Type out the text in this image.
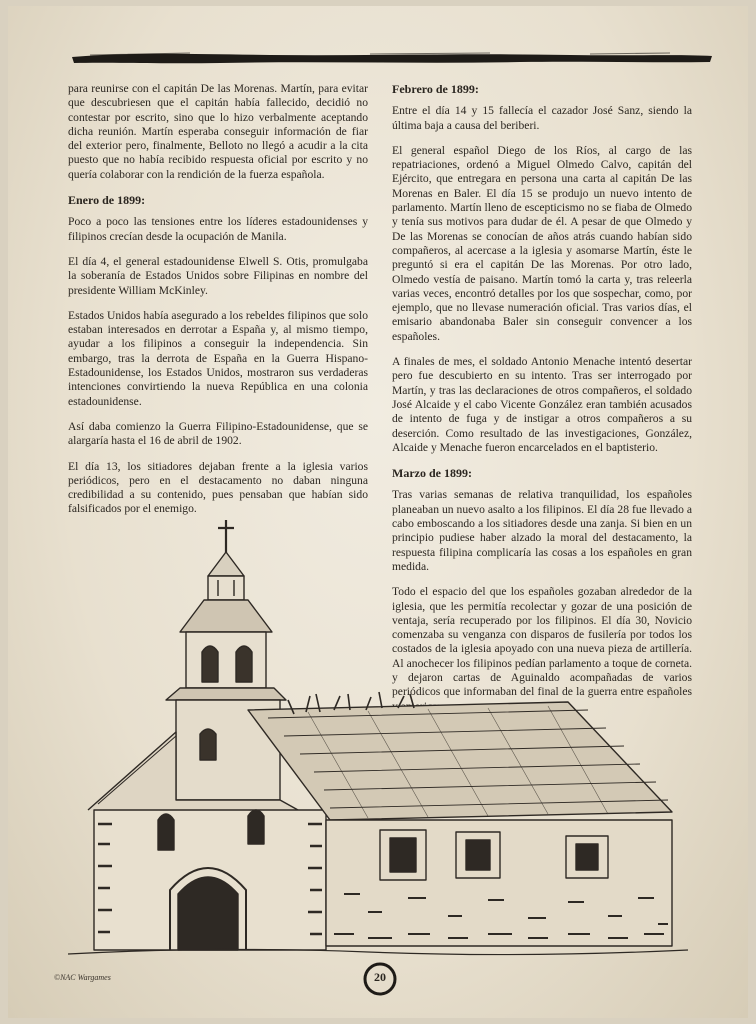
para reunirse con el capitán De las Morenas. Martín, para evitar que descubriesen que el capitán había fallecido, decidió no contestar por escrito, sino que lo hizo verbalmente aceptando dicha reunión. Martín esperaba conseguir información de fiar del exterior pero, finalmente, Belloto no llegó a acudir a la cita puesto que no había recibido respuesta oficial por escrito y no quería colaborar con la rendición de la fuerza española.

Enero de 1899:

Poco a poco las tensiones entre los líderes estadounidenses y filipinos crecían desde la ocupación de Manila.

El día 4, el general estadounidense Elwell S. Otis, promulgaba la soberanía de Estados Unidos sobre Filipinas en nombre del presidente William McKinley.

Estados Unidos había asegurado a los rebeldes filipinos que solo estaban interesados en derrotar a España y, al mismo tiempo, ayudar a los filipinos a conseguir la independencia. Sin embargo, tras la derrota de España en la Guerra Hispano-Estadounidense, los Estados Unidos, mostraron sus verdaderas intenciones convirtiendo la nueva República en una colonia estadounidense.

Así daba comienzo la Guerra Filipino-Estadounidense, que se alargaría hasta el 16 de abril de 1902.

El día 13, los sitiadores dejaban frente a la iglesia varios periódicos, pero en el destacamento no daban ninguna credibilidad a su contenido, pues pensaban que habían sido falsificados por el enemigo.

Febrero de 1899:

Entre el día 14 y 15 fallecía el cazador José Sanz, siendo la última baja a causa del beriberi.

El general español Diego de los Ríos, al cargo de las repatriaciones, ordenó a Miguel Olmedo Calvo, capitán del Ejército, que entregara en persona una carta al capitán De las Morenas en Baler. El día 15 se produjo un nuevo intento de parlamento. Martín lleno de escepticismo no se fiaba de Olmedo y tenía sus motivos para dudar de él. A pesar de que Olmedo y De las Morenas se conocían de años atrás cuando habían sido compañeros, al acercase a la iglesia y asomarse Martín, éste le preguntó si era el capitán De las Morenas. Por otro lado, Olmedo vestía de paisano. Martín tomó la carta y, tras releerla varias veces, encontró detalles por los que sospechar, como, por ejemplo, que no llevase numeración oficial. Tras varios días, el emisario abandonaba Baler sin conseguir convencer a los españoles.

A finales de mes, el soldado Antonio Menache intentó desertar pero fue descubierto en su intento. Tras ser interrogado por Martín, y tras las declaraciones de otros compañeros, el soldado José Alcaide y el cabo Vicente González eran también acusados de intento de fuga y de instigar a otros compañeros a su deserción. Como resultado de las investigaciones, González, Alcaide y Menache fueron encarcelados en el baptisterio.

Marzo de 1899:

Tras varias semanas de relativa tranquilidad, los españoles planeaban un nuevo asalto a los filipinos. El día 28 fue llevado a cabo emboscando a los sitiadores desde una zanja. Si bien en un principio pudiese haber alzado la moral del destacamento, la respuesta filipina complicaría las cosas a los españoles en gran medida.

Todo el espacio del que los españoles gozaban alrededor de la iglesia, que les permitía recolectar y gozar de una posición de ventaja, sería recuperado por los filipinos. El día 30, Novicio comenzaba su venganza con disparos de fusilería por todos los costados de la iglesia apoyado con una nueva pieza de artillería. Al anochecer los filipinos pedían parlamento a toque de corneta. y dejaron cartas de Aguinaldo acompañadas de varios periódicos que informaban del final de la guerra entre españoles

©NAC Wargames	20
